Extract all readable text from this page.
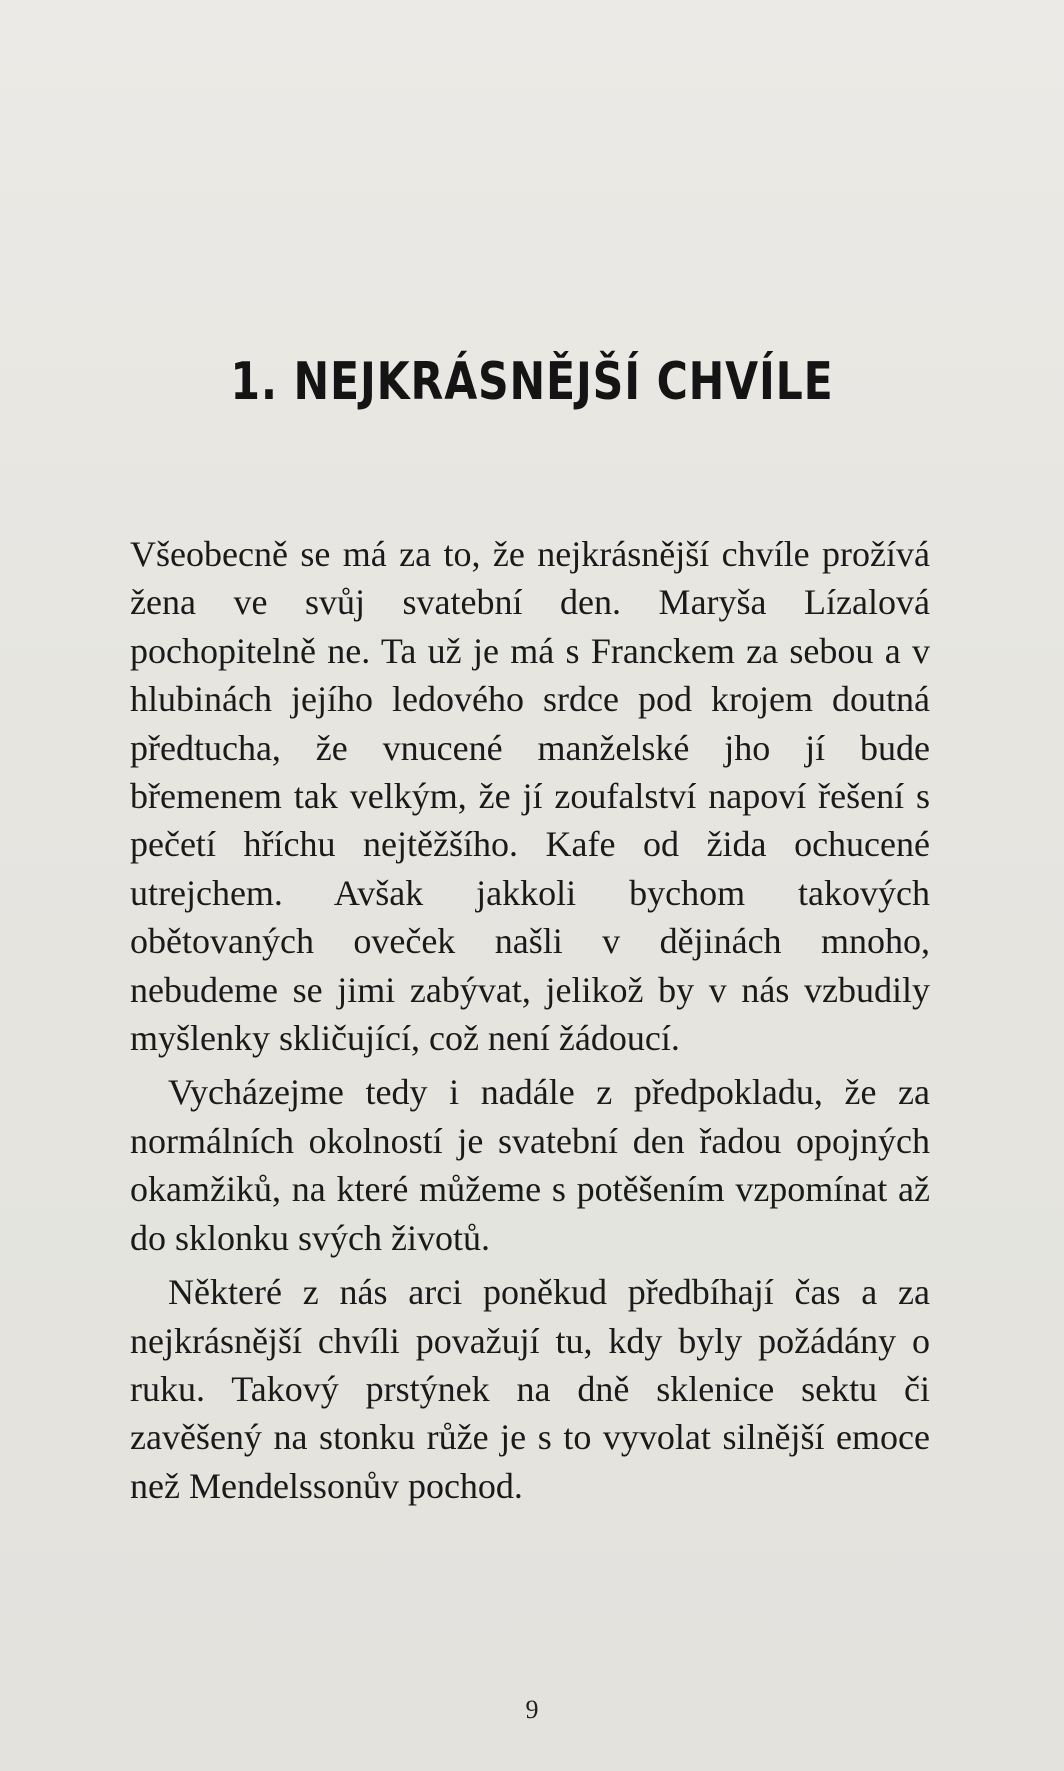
1. NEJKRÁSNĚJŠÍ CHVÍLE

Všeobecně se má za to, že nejkrásnější chvíle prožívá žena ve svůj svatební den. Maryša Lízalová pochopitelně ne. Ta už je má s Franckem za sebou a v hlubinách jejího ledového srdce pod krojem doutná předtucha, že vnucené manželské jho jí bude břemenem tak velkým, že jí zoufalství napoví řešení s pečetí hříchu nejtěžšího. Kafe od žida ochucené utrejchem. Avšak jakkoli bychom takových obětovaných oveček našli v dějinách mnoho, nebudeme se jimi zabývat, jelikož by v nás vzbudily myšlenky skličující, což není žádoucí.

Vycházejme tedy i nadále z předpokladu, že za normálních okolností je svatební den řadou opojných okamžiků, na které můžeme s potěšením vzpomínat až do sklonku svých životů.

Některé z nás arci poněkud předbíhají čas a za nejkrásnější chvíli považují tu, kdy byly požádány o ruku. Takový prstýnek na dně sklenice sektu či zavěšený na stonku růže je s to vyvolat silnější emoce než Mendelssonův pochod.

9
